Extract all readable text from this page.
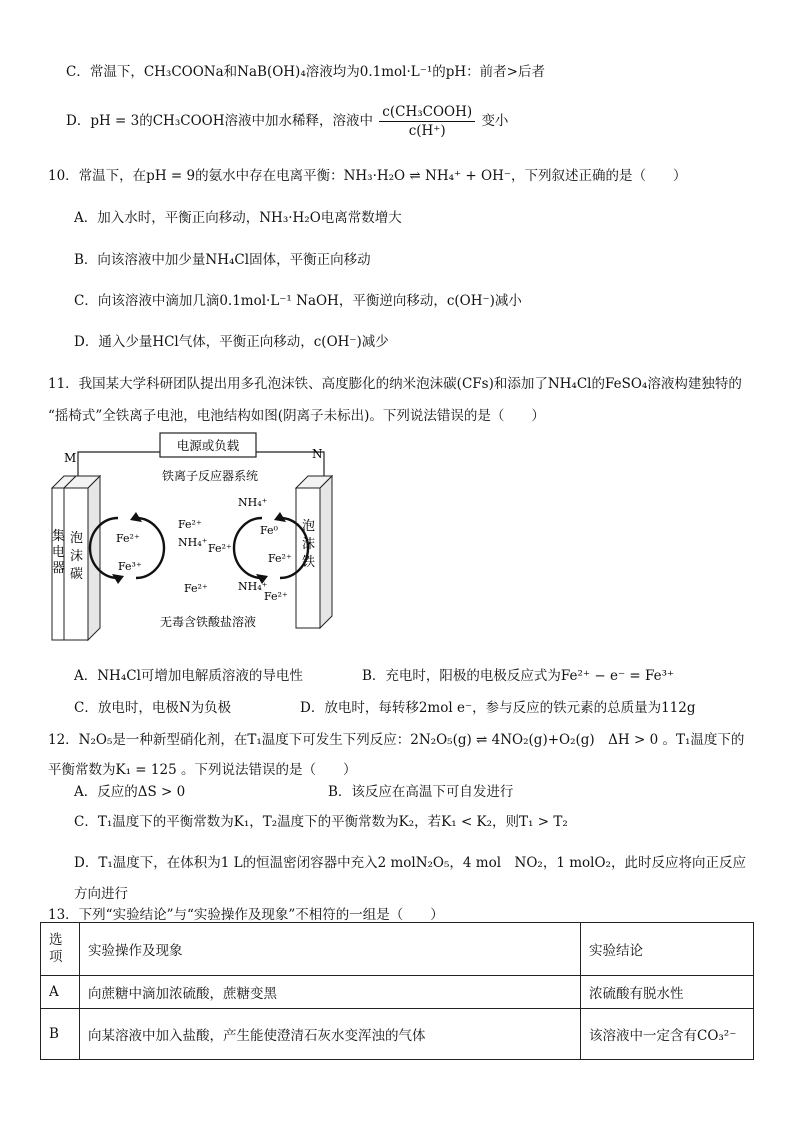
C．常温下，CH₃COONa和NaB(OH)₄溶液均为0.1mol·L⁻¹的pH：前者>后者
D．pH = 3的CH₃COOH溶液中加水稀释，溶液中 $\frac{\text{c(CH₃COOH)}}{c(H^+)}$ 变小
10．常温下，在pH = 9的氨水中存在电离平衡：NH₃·H₂O ⇌ NH₄⁺ + OH⁻，下列叙述正确的是（　　）
A．加入水时，平衡正向移动，NH₃·H₂O电离常数增大
B．向该溶液中加少量NH₄Cl固体，平衡正向移动
C．向该溶液中滴加几滴0.1mol·L⁻¹ NaOH，平衡逆向移动，c(OH⁻)减小
D．通入少量HCl气体，平衡正向移动，c(OH⁻)减少
11．我国某大学科研团队提出用多孔泡沫铁、高度膨化的纳米泡沫碳(CFs)和添加了NH₄Cl的FeSO₄溶液构建独特的
“摇椅式”全铁离子电池，电池结构如图(阴离子未标出)。下列说法错误的是（　　）
电源或负载
M	N
铁离子反应器系统
集电器
泡沫碳
泡沫铁
Fe²⁺
Fe³⁺
Fe⁰
Fe²⁺
NH₄⁺
Fe²⁺
NH₄⁺ Fe²⁺
Fe²⁺	NH₄⁺
Fe²⁺
无毒含铁酸盐溶液
A．NH₄Cl可增加电解质溶液的导电性	B．充电时，阳极的电极反应式为Fe²⁺ − e⁻ = Fe³⁺
C．放电时，电极N为负极	D．放电时，每转移2mol e⁻，参与反应的铁元素的总质量为112g
12．N₂O₅是一种新型硝化剂，在T₁温度下可发生下列反应：2N₂O₅(g) ⇌ 4NO₂(g)+O₂(g)　ΔH > 0 。T₁温度下的
平衡常数为K₁ = 125 。下列说法错误的是（　　）
A．反应的ΔS > 0	B．该反应在高温下可自发进行
C．T₁温度下的平衡常数为K₁，T₂温度下的平衡常数为K₂，若K₁ < K₂，则T₁ > T₂
D．T₁温度下，在体积为1 L的恒温密闭容器中充入2 molN₂O₅，4 mol　NO₂，1 molO₂，此时反应将向正反应
方向进行
13．下列“实验结论”与“实验操作及现象”不相符的一组是（　　）
选项	实验操作及现象	实验结论
A	向蔗糖中滴加浓硫酸，蔗糖变黑	浓硫酸有脱水性
B	向某溶液中加入盐酸，产生能使澄清石灰水变浑浊的气体	该溶液中一定含有CO₃²⁻
